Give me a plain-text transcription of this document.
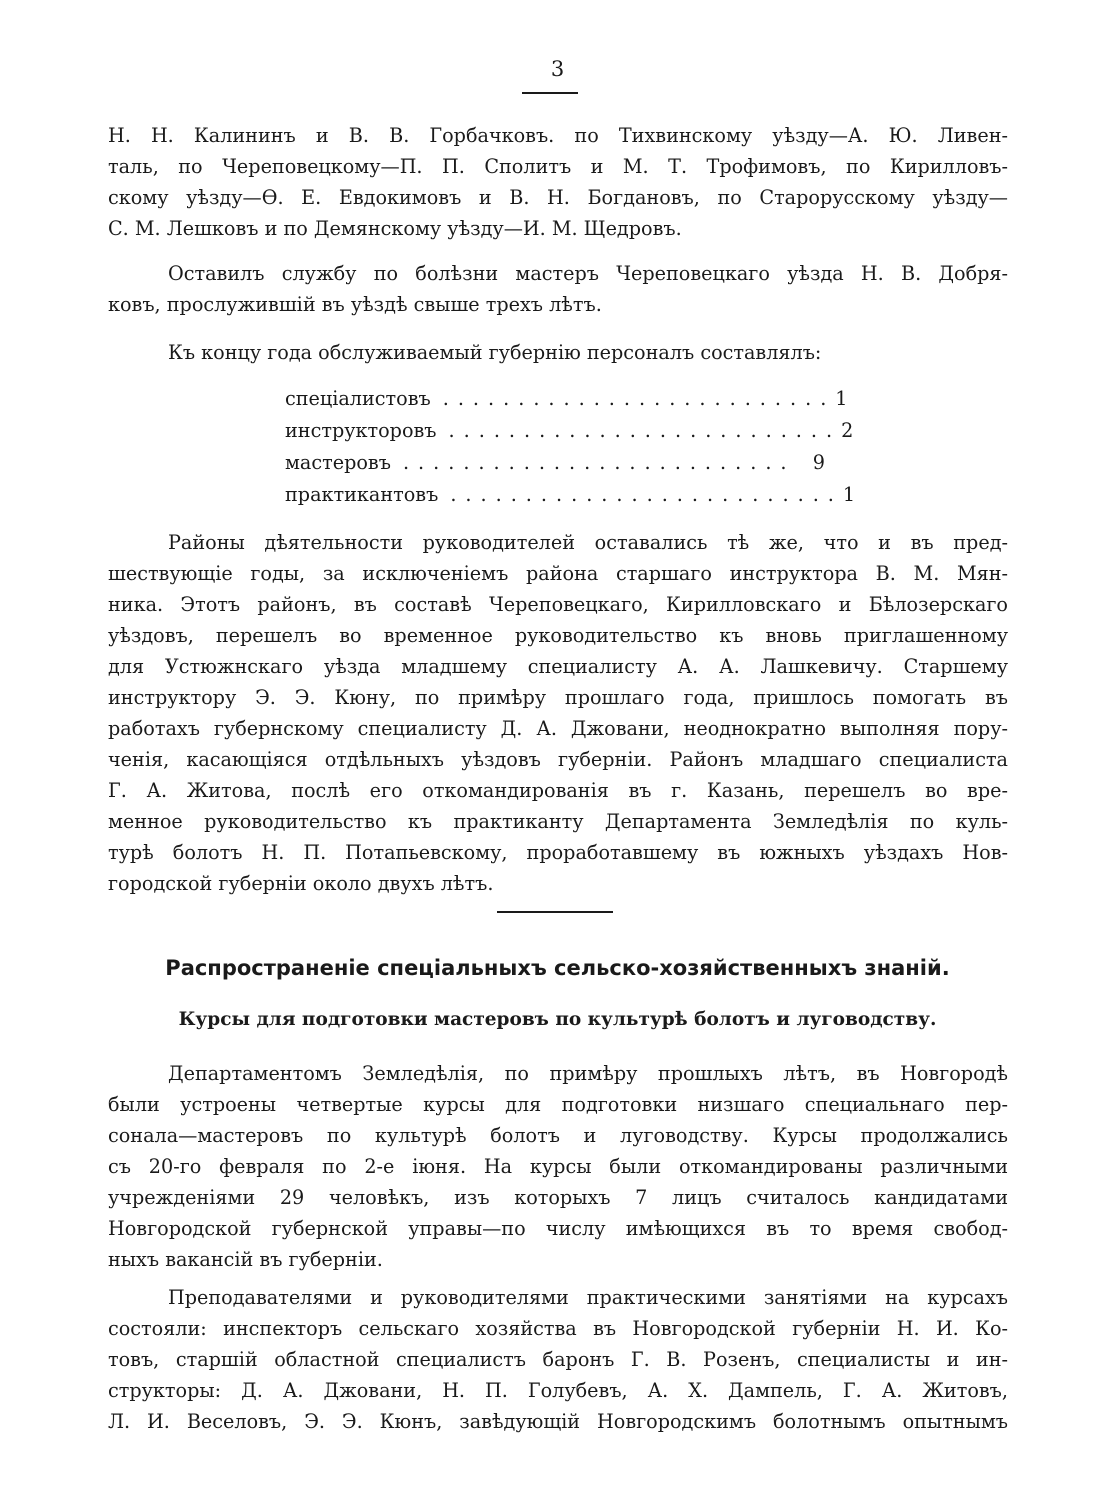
3
Н. Н. Калининъ и В. В. Горбачковъ. по Тихвинскому уѣзду—А. Ю. Ливен-
таль, по Череповецкому—П. П. Сполитъ и М. Т. Трофимовъ, по Кирилловъ-
скому уѣзду—Ѳ. Е. Евдокимовъ и В. Н. Богдановъ, по Старорусскому уѣзду—
С. М. Лешковъ и по Демянскому уѣзду—И. М. Щедровъ.
Оставилъ службу по болѣзни мастеръ Череповецкаго уѣзда Н. В. Добря-
ковъ, прослужившій въ уѣздѣ свыше трехъ лѣтъ.
Къ концу года обслуживаемый губернію персоналъ составлялъ:
спеціалистовъ .......................... 1
инструкторовъ .......................... 2
мастеровъ .......................... 9
практикантовъ .......................... 1
Районы дѣятельности руководителей оставались тѣ же, что и въ пред-
шествующіе годы, за исключеніемъ района старшаго инструктора В. М. Мян-
ника. Этотъ районъ, въ составѣ Череповецкаго, Кирилловскаго и Бѣлозерскаго
уѣздовъ, перешелъ во временное руководительство къ вновь приглашенному
для Устюжнскаго уѣзда младшему специалисту А. А. Лашкевичу. Старшему
инструктору Э. Э. Кюну, по примѣру прошлаго года, пришлось помогать въ
работахъ губернскому специалисту Д. А. Джовани, неоднократно выполняя пору-
ченія, касающіяся отдѣльныхъ уѣздовъ губерніи. Районъ младшаго специалиста
Г. А. Житова, послѣ его откомандированія въ г. Казань, перешелъ во вре-
менное руководительство къ практиканту Департамента Земледѣлія по куль-
турѣ болотъ Н. П. Потапьевскому, проработавшему въ южныхъ уѣздахъ Нов-
городской губерніи около двухъ лѣтъ.
Распространеніе спеціальныхъ сельско-хозяйственныхъ знаній.
Курсы для подготовки мастеровъ по культурѣ болотъ и луговодству.
Департаментомъ Земледѣлія, по примѣру прошлыхъ лѣтъ, въ Новгородѣ
были устроены четвертые курсы для подготовки низшаго специальнаго пер-
сонала—мастеровъ по культурѣ болотъ и луговодству. Курсы продолжались
съ 20-го февраля по 2-е іюня. На курсы были откомандированы различными
учрежденіями 29 человѣкъ, изъ которыхъ 7 лицъ считалось кандидатами
Новгородской губернской управы—по числу имѣющихся въ то время свобод-
ныхъ вакансій въ губерніи.
Преподавателями и руководителями практическими занятіями на курсахъ
состояли: инспекторъ сельскаго хозяйства въ Новгородской губерніи Н. И. Ко-
товъ, старшій областной специалистъ баронъ Г. В. Розенъ, специалисты и ин-
структоры: Д. А. Джовани, Н. П. Голубевъ, А. Х. Дампель, Г. А. Житовъ,
Л. И. Веселовъ, Э. Э. Кюнъ, завѣдующій Новгородскимъ болотнымъ опытнымъ
